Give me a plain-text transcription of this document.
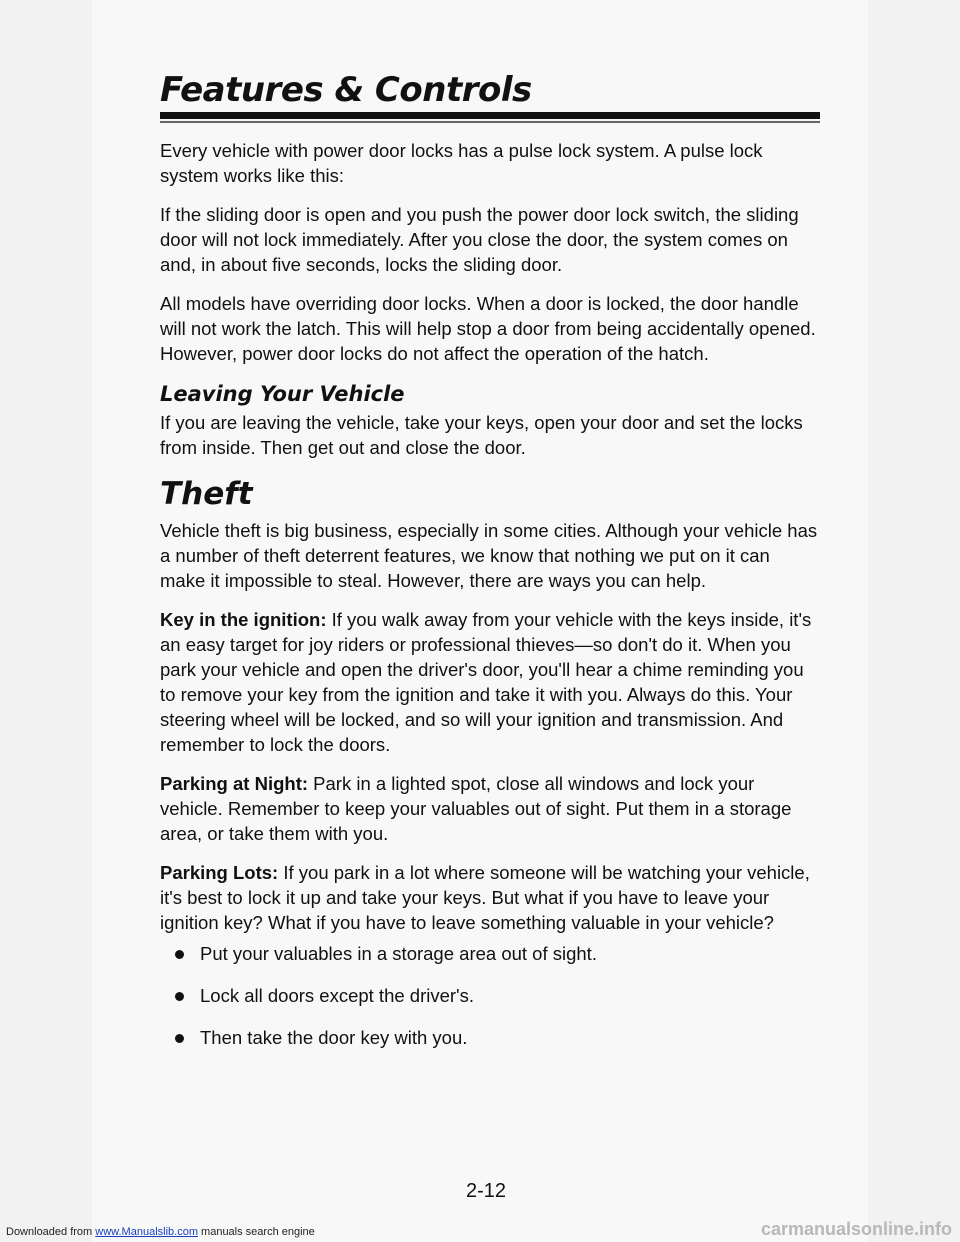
Features & Controls

Every vehicle with power door locks has a pulse lock system. A pulse lock system works like this:

If the sliding door is open and you push the power door lock switch, the sliding door will not lock immediately. After you close the door, the system comes on and, in about five seconds, locks the sliding door.

All models have overriding door locks. When a door is locked, the door handle will not work the latch. This will help stop a door from being accidentally opened. However, power door locks do not affect the operation of the hatch.

Leaving Your Vehicle

If you are leaving the vehicle, take your keys, open your door and set the locks from inside. Then get out and close the door.

Theft

Vehicle theft is big business, especially in some cities. Although your vehicle has a number of theft deterrent features, we know that nothing we put on it can make it impossible to steal. However, there are ways you can help.

Key in the ignition: If you walk away from your vehicle with the keys inside, it's an easy target for joy riders or professional thieves—so don't do it. When you park your vehicle and open the driver's door, you'll hear a chime reminding you to remove your key from the ignition and take it with you. Always do this. Your steering wheel will be locked, and so will your ignition and transmission. And remember to lock the doors.

Parking at Night: Park in a lighted spot, close all windows and lock your vehicle. Remember to keep your valuables out of sight. Put them in a storage area, or take them with you.

Parking Lots: If you park in a lot where someone will be watching your vehicle, it's best to lock it up and take your keys. But what if you have to leave your ignition key? What if you have to leave something valuable in your vehicle?

Put your valuables in a storage area out of sight.
Lock all doors except the driver's.
Then take the door key with you.
2-12
Downloaded from www.Manualslib.com manuals search engine	carmanualsonline.info
